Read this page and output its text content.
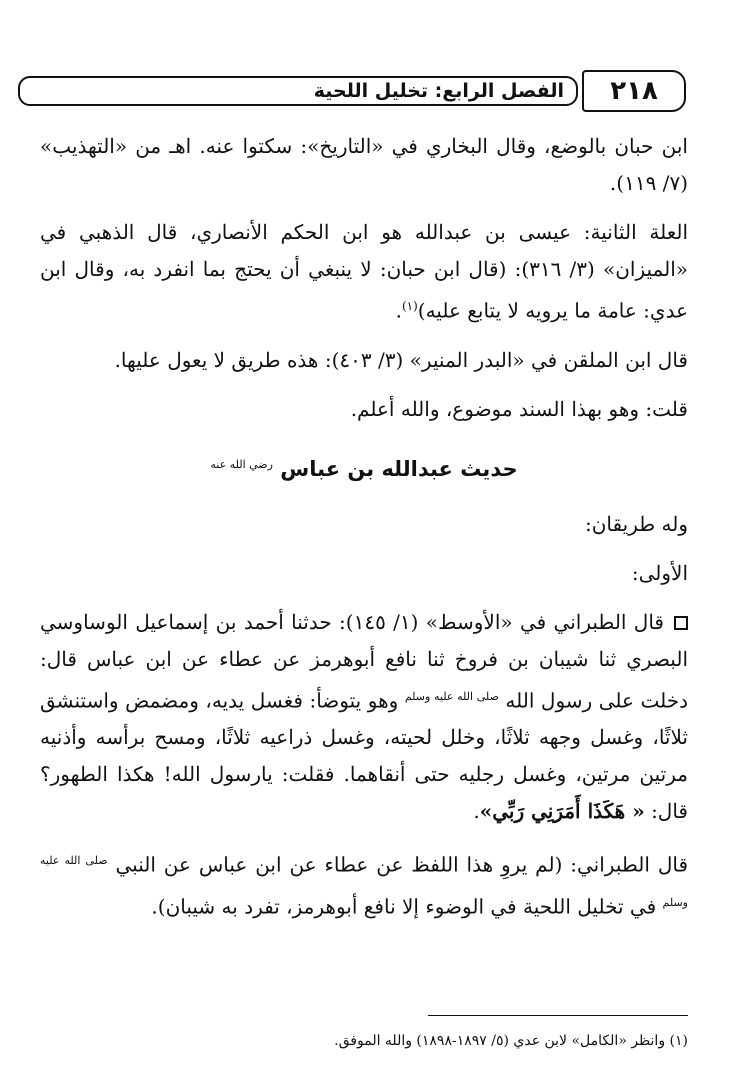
٢١٨
الفصل الرابع: تخليل اللحية

ابن حبان بالوضع، وقال البخاري في «التاريخ»: سكتوا عنه. اهـ من «التهذيب» (٧/ ١١٩).

العلة الثانية: عيسى بن عبدالله هو ابن الحكم الأنصاري، قال الذهبي في «الميزان» (٣/ ٣١٦): (قال ابن حبان: لا ينبغي أن يحتج بما انفرد به، وقال ابن عدي: عامة ما يرويه لا يتابع عليه)$^{(١)}$.

قال ابن الملقن في «البدر المنير» (٣/ ٤٠٣): هذه طريق لا يعول عليها.

قلت: وهو بهذا السند موضوع، والله أعلم.

حديث عبدالله بن عباس $^{رضي الله عنه}$

وله طريقان:

الأولى:

قال الطبراني في «الأوسط» (١/ ١٤٥): حدثنا أحمد بن إسماعيل الوساوسي البصري ثنا شيبان بن فروخ ثنا نافع أبوهرمز عن عطاء عن ابن عباس قال: دخلت على رسول الله $^{صلى الله عليه وسلم}$ وهو يتوضأ: فغسل يديه، ومضمض واستنشق ثلاثًا، وغسل وجهه ثلاثًا، وخلل لحيته، وغسل ذراعيه ثلاثًا، ومسح برأسه وأذنيه مرتين مرتين، وغسل رجليه حتى أنقاهما. فقلت: يارسول الله! هكذا الطهور؟ قال: « هَكَذَا أَمَرَنِي رَبِّي».

قال الطبراني: (لم يروِ هذا اللفظ عن عطاء عن ابن عباس عن النبي $^{صلى الله عليه وسلم}$ في تخليل اللحية في الوضوء إلا نافع أبوهرمز، تفرد به شيبان).

(١) وانظر «الكامل» لابن عدي (٥/ ١٨٩٧-١٨٩٨) والله الموفق.
